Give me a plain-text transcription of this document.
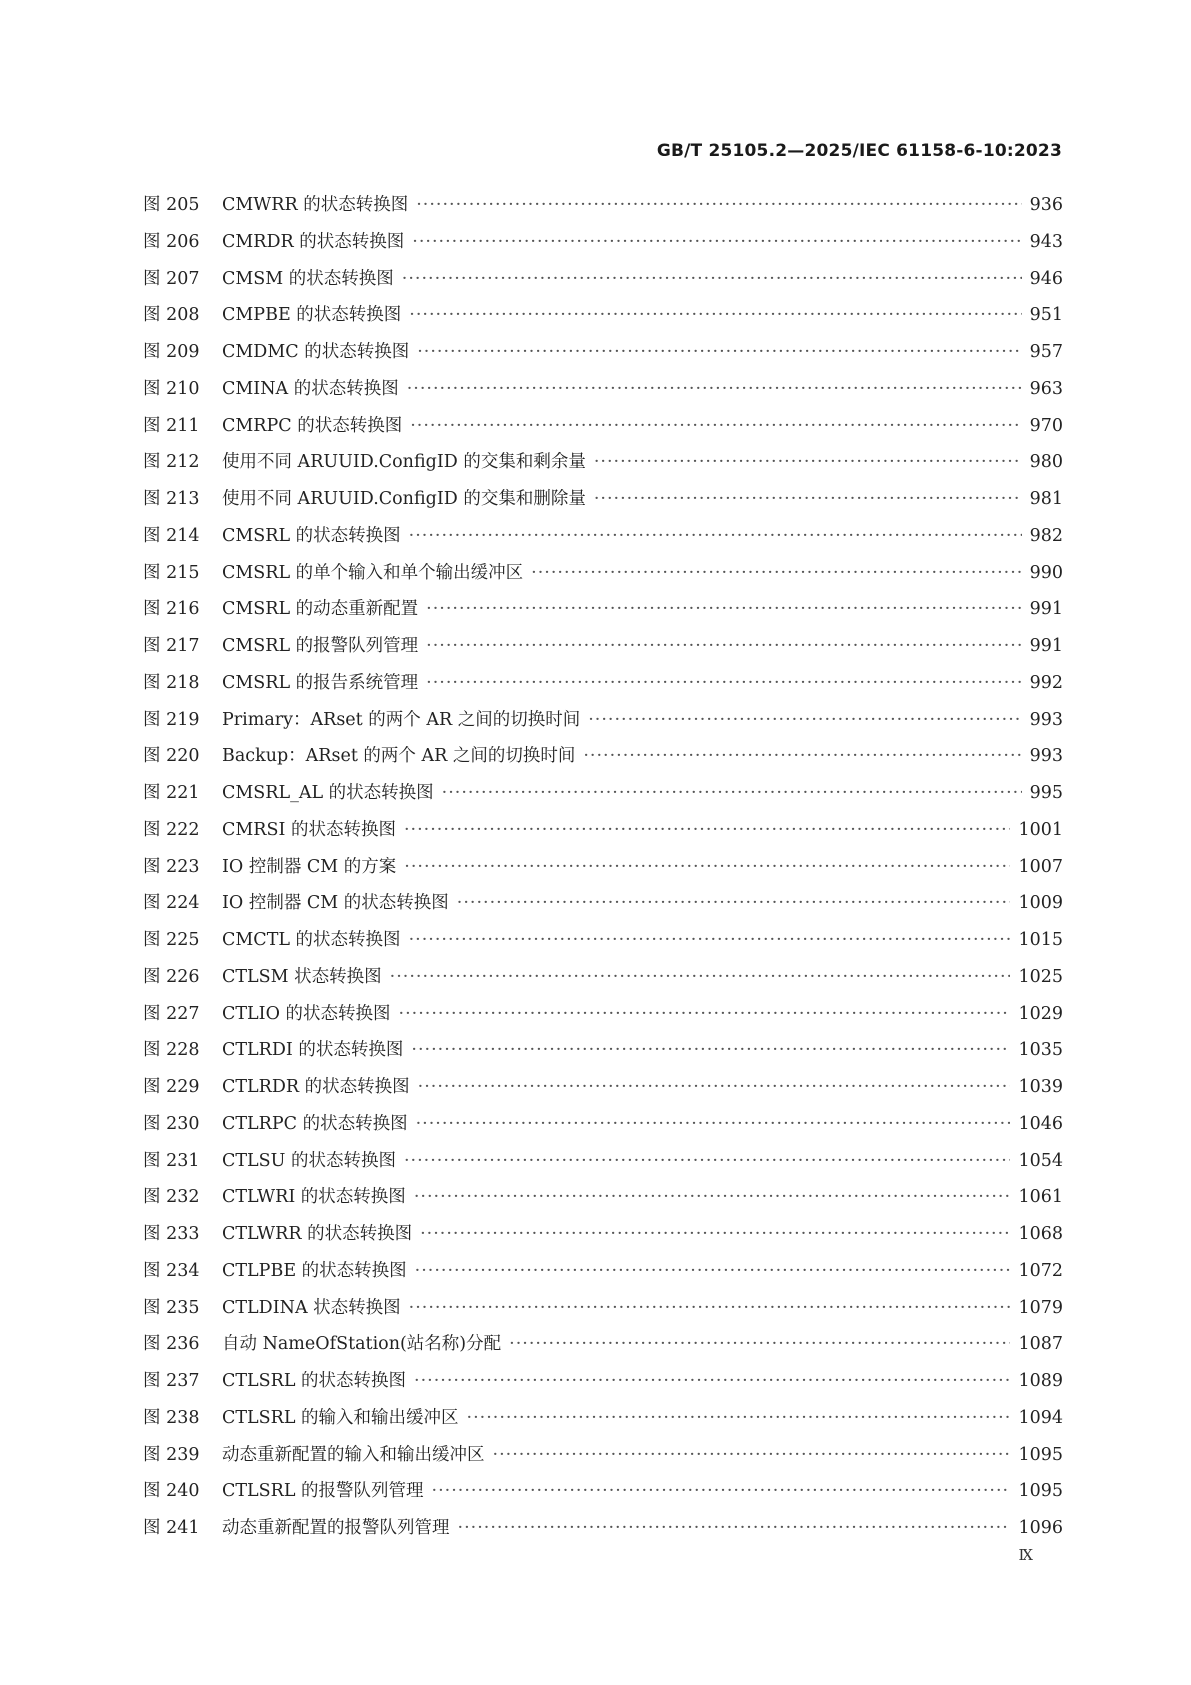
GB/T 25105.2—2025/IEC 61158-6-10:2023
图 205	CMWRR 的状态转换图 ·····	936
图 206	CMRDR 的状态转换图 ·····	943
图 207	CMSM 的状态转换图 ·····	946
图 208	CMPBE 的状态转换图 ·····	951
图 209	CMDMC 的状态转换图 ·····	957
图 210	CMINA 的状态转换图 ·····	963
图 211	CMRPC 的状态转换图 ·····	970
图 212	使用不同 ARUUID.ConfigID 的交集和剩余量 ·····	980
图 213	使用不同 ARUUID.ConfigID 的交集和删除量 ·····	981
图 214	CMSRL 的状态转换图 ·····	982
图 215	CMSRL 的单个输入和单个输出缓冲区 ·····	990
图 216	CMSRL 的动态重新配置 ·····	991
图 217	CMSRL 的报警队列管理 ·····	991
图 218	CMSRL 的报告系统管理 ·····	992
图 219	Primary：ARset 的两个 AR 之间的切换时间 ·····	993
图 220	Backup：ARset 的两个 AR 之间的切换时间 ·····	993
图 221	CMSRL_AL 的状态转换图 ·····	995
图 222	CMRSI 的状态转换图 ·····	1001
图 223	IO 控制器 CM 的方案 ·····	1007
图 224	IO 控制器 CM 的状态转换图 ·····	1009
图 225	CMCTL 的状态转换图 ·····	1015
图 226	CTLSM 状态转换图 ·····	1025
图 227	CTLIO 的状态转换图 ·····	1029
图 228	CTLRDI 的状态转换图 ·····	1035
图 229	CTLRDR 的状态转换图 ·····	1039
图 230	CTLRPC 的状态转换图 ·····	1046
图 231	CTLSU 的状态转换图 ·····	1054
图 232	CTLWRI 的状态转换图 ·····	1061
图 233	CTLWRR 的状态转换图 ·····	1068
图 234	CTLPBE 的状态转换图 ·····	1072
图 235	CTLDINA 状态转换图 ·····	1079
图 236	自动 NameOfStation(站名称)分配 ·····	1087
图 237	CTLSRL 的状态转换图 ·····	1089
图 238	CTLSRL 的输入和输出缓冲区 ·····	1094
图 239	动态重新配置的输入和输出缓冲区 ·····	1095
图 240	CTLSRL 的报警队列管理 ·····	1095
图 241	动态重新配置的报警队列管理 ·····	1096
Ⅸ
